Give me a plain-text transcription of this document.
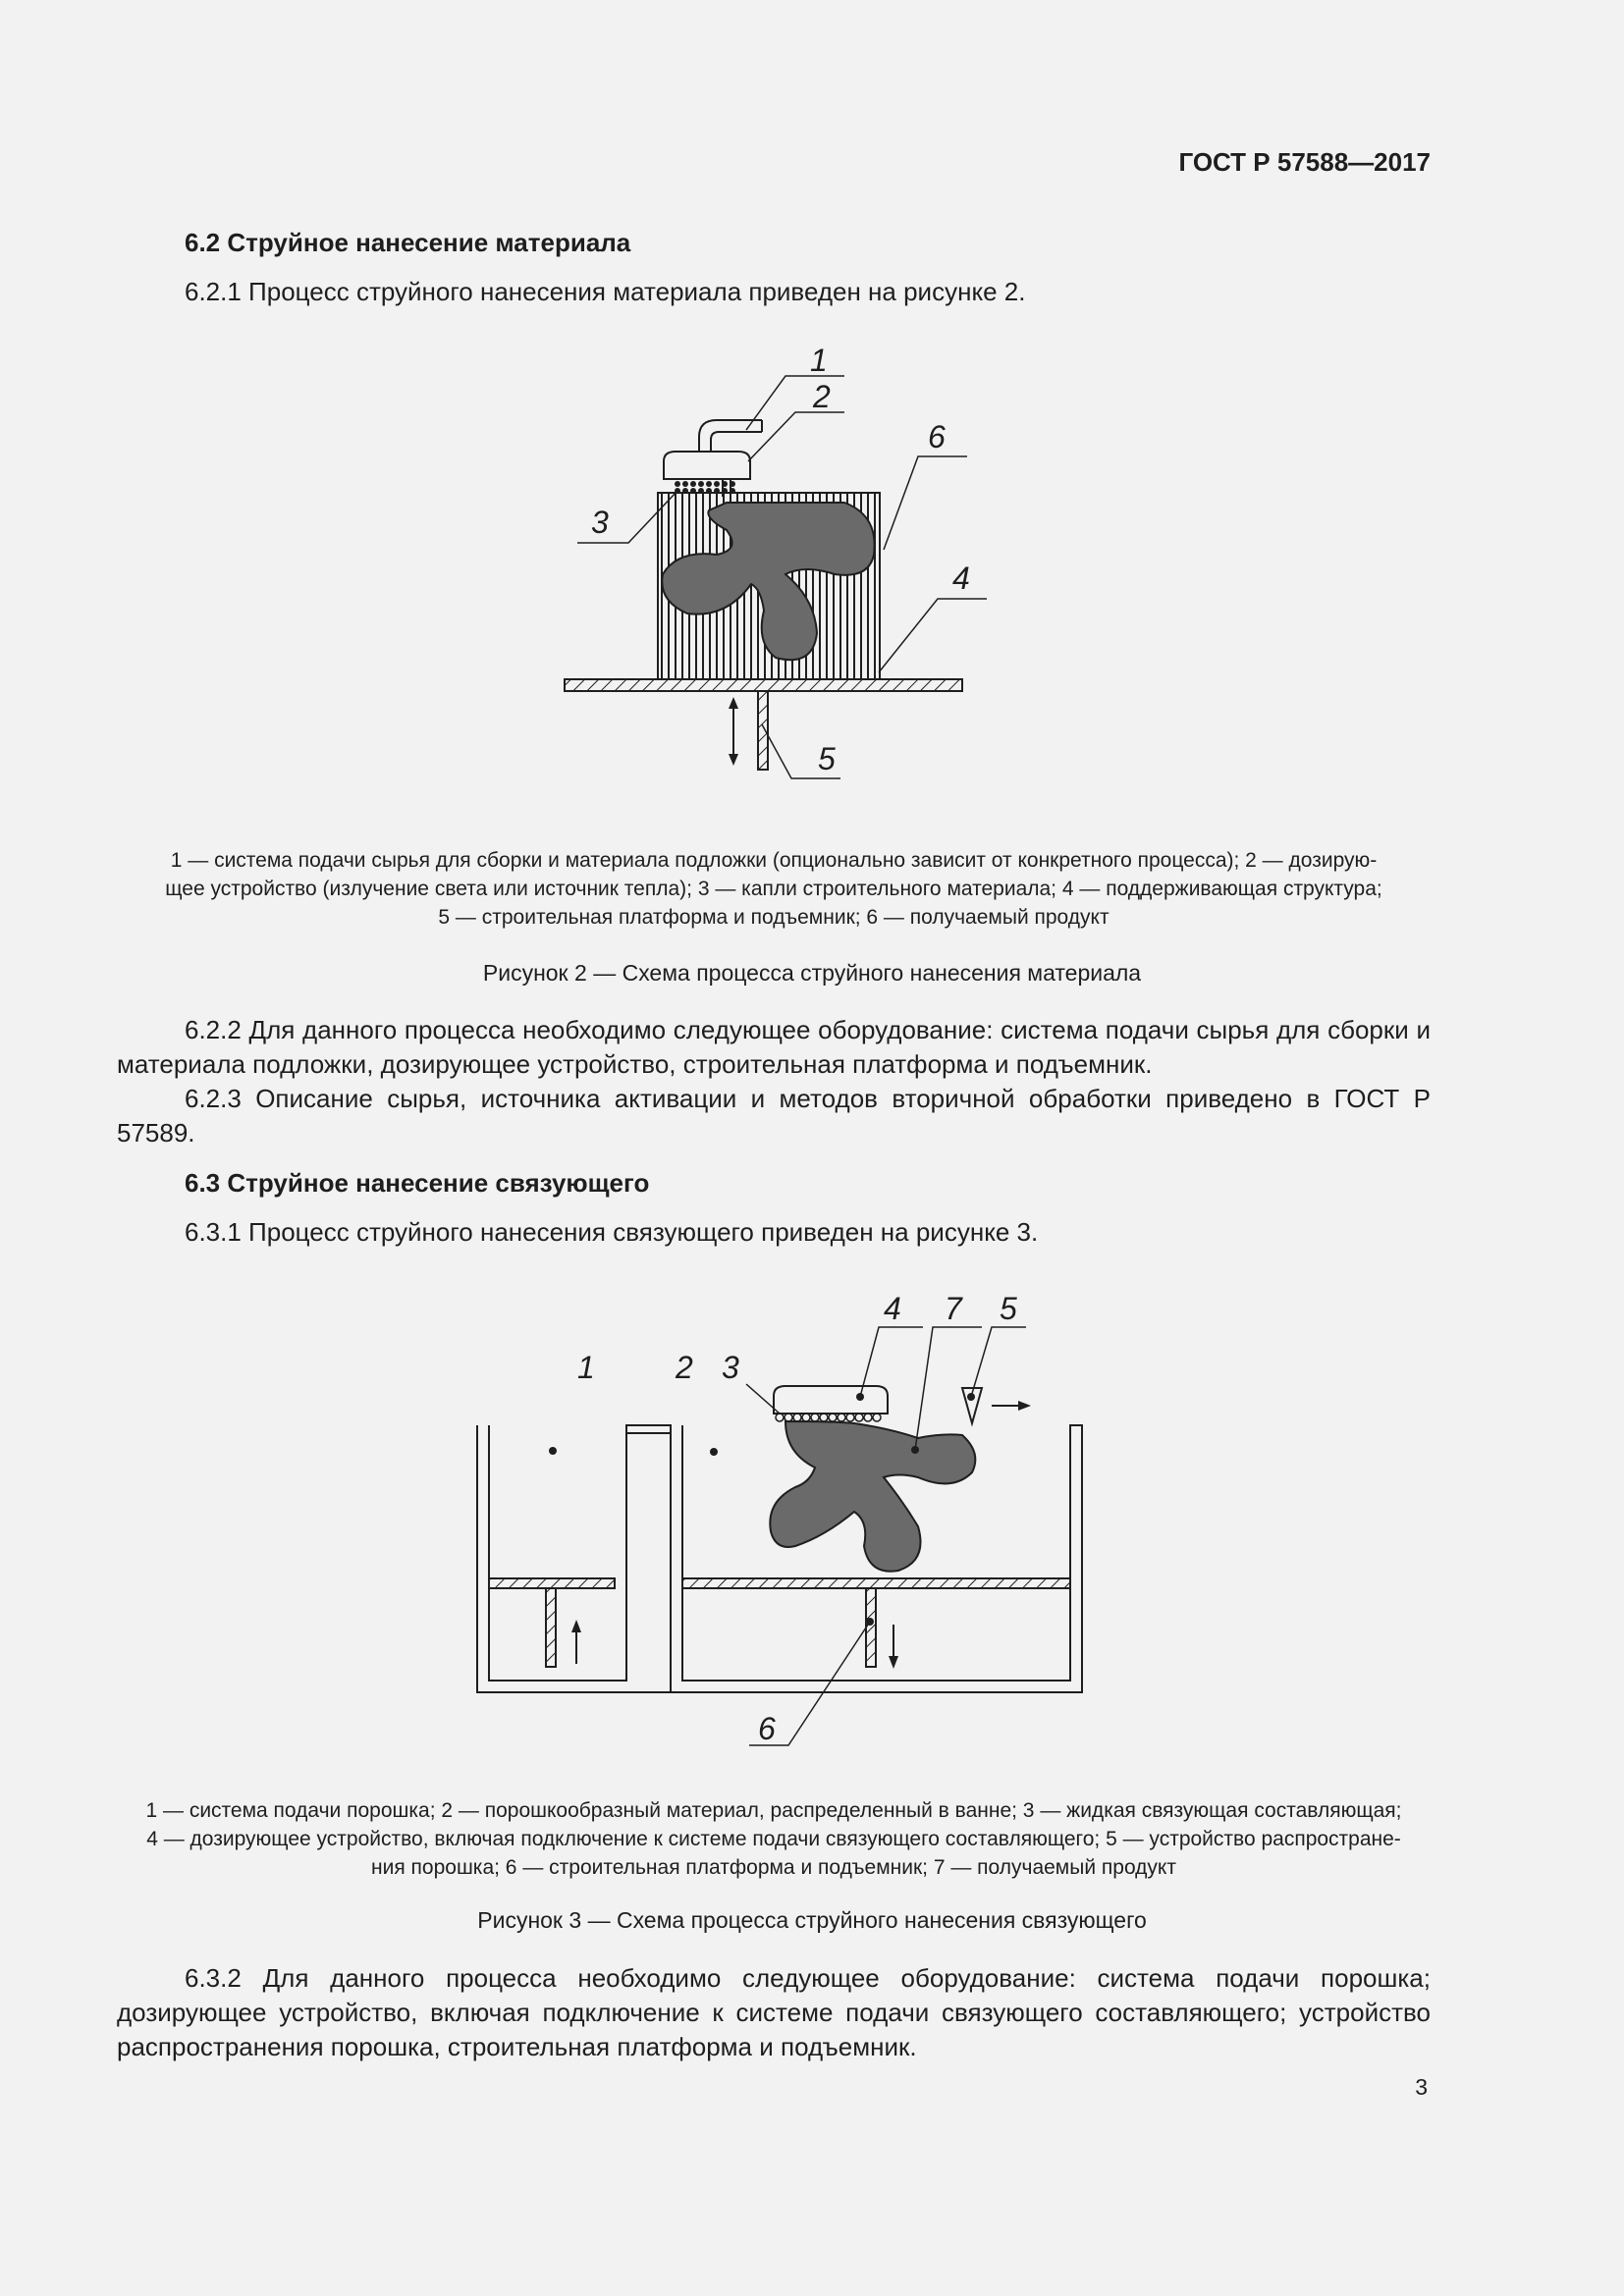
ГОСТ Р 57588—2017
6.2 Струйное нанесение материала
6.2.1 Процесс струйного нанесения материала приведен на рисунке 2.
1
2
3
4
5
6
1 — система подачи сырья для сборки и материала подложки (опционально зависит от конкретного процесса); 2 — дозирую-
щее устройство (излучение света или источник тепла); 3 — капли строительного материала; 4 — поддерживающая структура;
5 — строительная платформа и подъемник; 6 — получаемый продукт
Рисунок 2 — Схема процесса струйного нанесения материала
6.2.2 Для данного процесса необходимо следующее оборудование: система подачи сырья для сборки и материала подложки, дозирующее устройство, строительная платформа и подъемник.
6.2.3 Описание сырья, источника активации и методов вторичной обработки приведено в ГОСТ Р 57589.
6.3 Струйное нанесение связующего
6.3.1 Процесс струйного нанесения связующего приведен на рисунке 3.
1	2 3
4 7 5
6
1 — система подачи порошка; 2 — порошкообразный материал, распределенный в ванне; 3 — жидкая связующая составляющая;
4 — дозирующее устройство, включая подключение к системе подачи связующего составляющего; 5 — устройство распростране-
ния порошка; 6 — строительная платформа и подъемник; 7 — получаемый продукт
Рисунок 3 — Схема процесса струйного нанесения связующего
6.3.2 Для данного процесса необходимо следующее оборудование: система подачи порошка; дозирующее устройство, включая подключение к системе подачи связующего составляющего; устройство распространения порошка, строительная платформа и подъемник.
3
